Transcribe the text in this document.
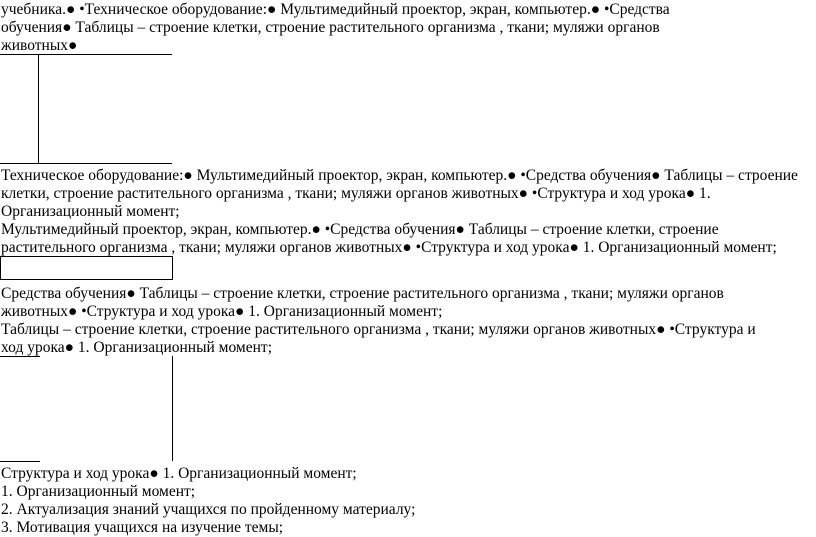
учебника.● •Техническое оборудование:● Мультимедийный проектор, экран, компьютер.● •Средства
обучения● Таблицы – строение клетки, строение растительного организма , ткани; муляжи органов
животных●
Техническое оборудование:● Мультимедийный проектор, экран, компьютер.● •Средства обучения● Таблицы – строение
клетки, строение растительного организма , ткани; муляжи органов животных● •Структура и ход урока● 1.
Организационный момент;
Мультимедийный проектор, экран, компьютер.● •Средства обучения● Таблицы – строение клетки, строение
растительного организма , ткани; муляжи органов животных● •Структура и ход урока● 1. Организационный момент;
Средства обучения● Таблицы – строение клетки, строение растительного организма , ткани; муляжи органов
животных● •Структура и ход урока● 1. Организационный момент;
Таблицы – строение клетки, строение растительного организма , ткани; муляжи органов животных● •Структура и
ход урока● 1. Организационный момент;
Структура и ход урока● 1. Организационный момент;
1. Организационный момент;
2. Актуализация знаний учащихся по пройденному материалу;
3. Мотивация учащихся на изучение темы;
